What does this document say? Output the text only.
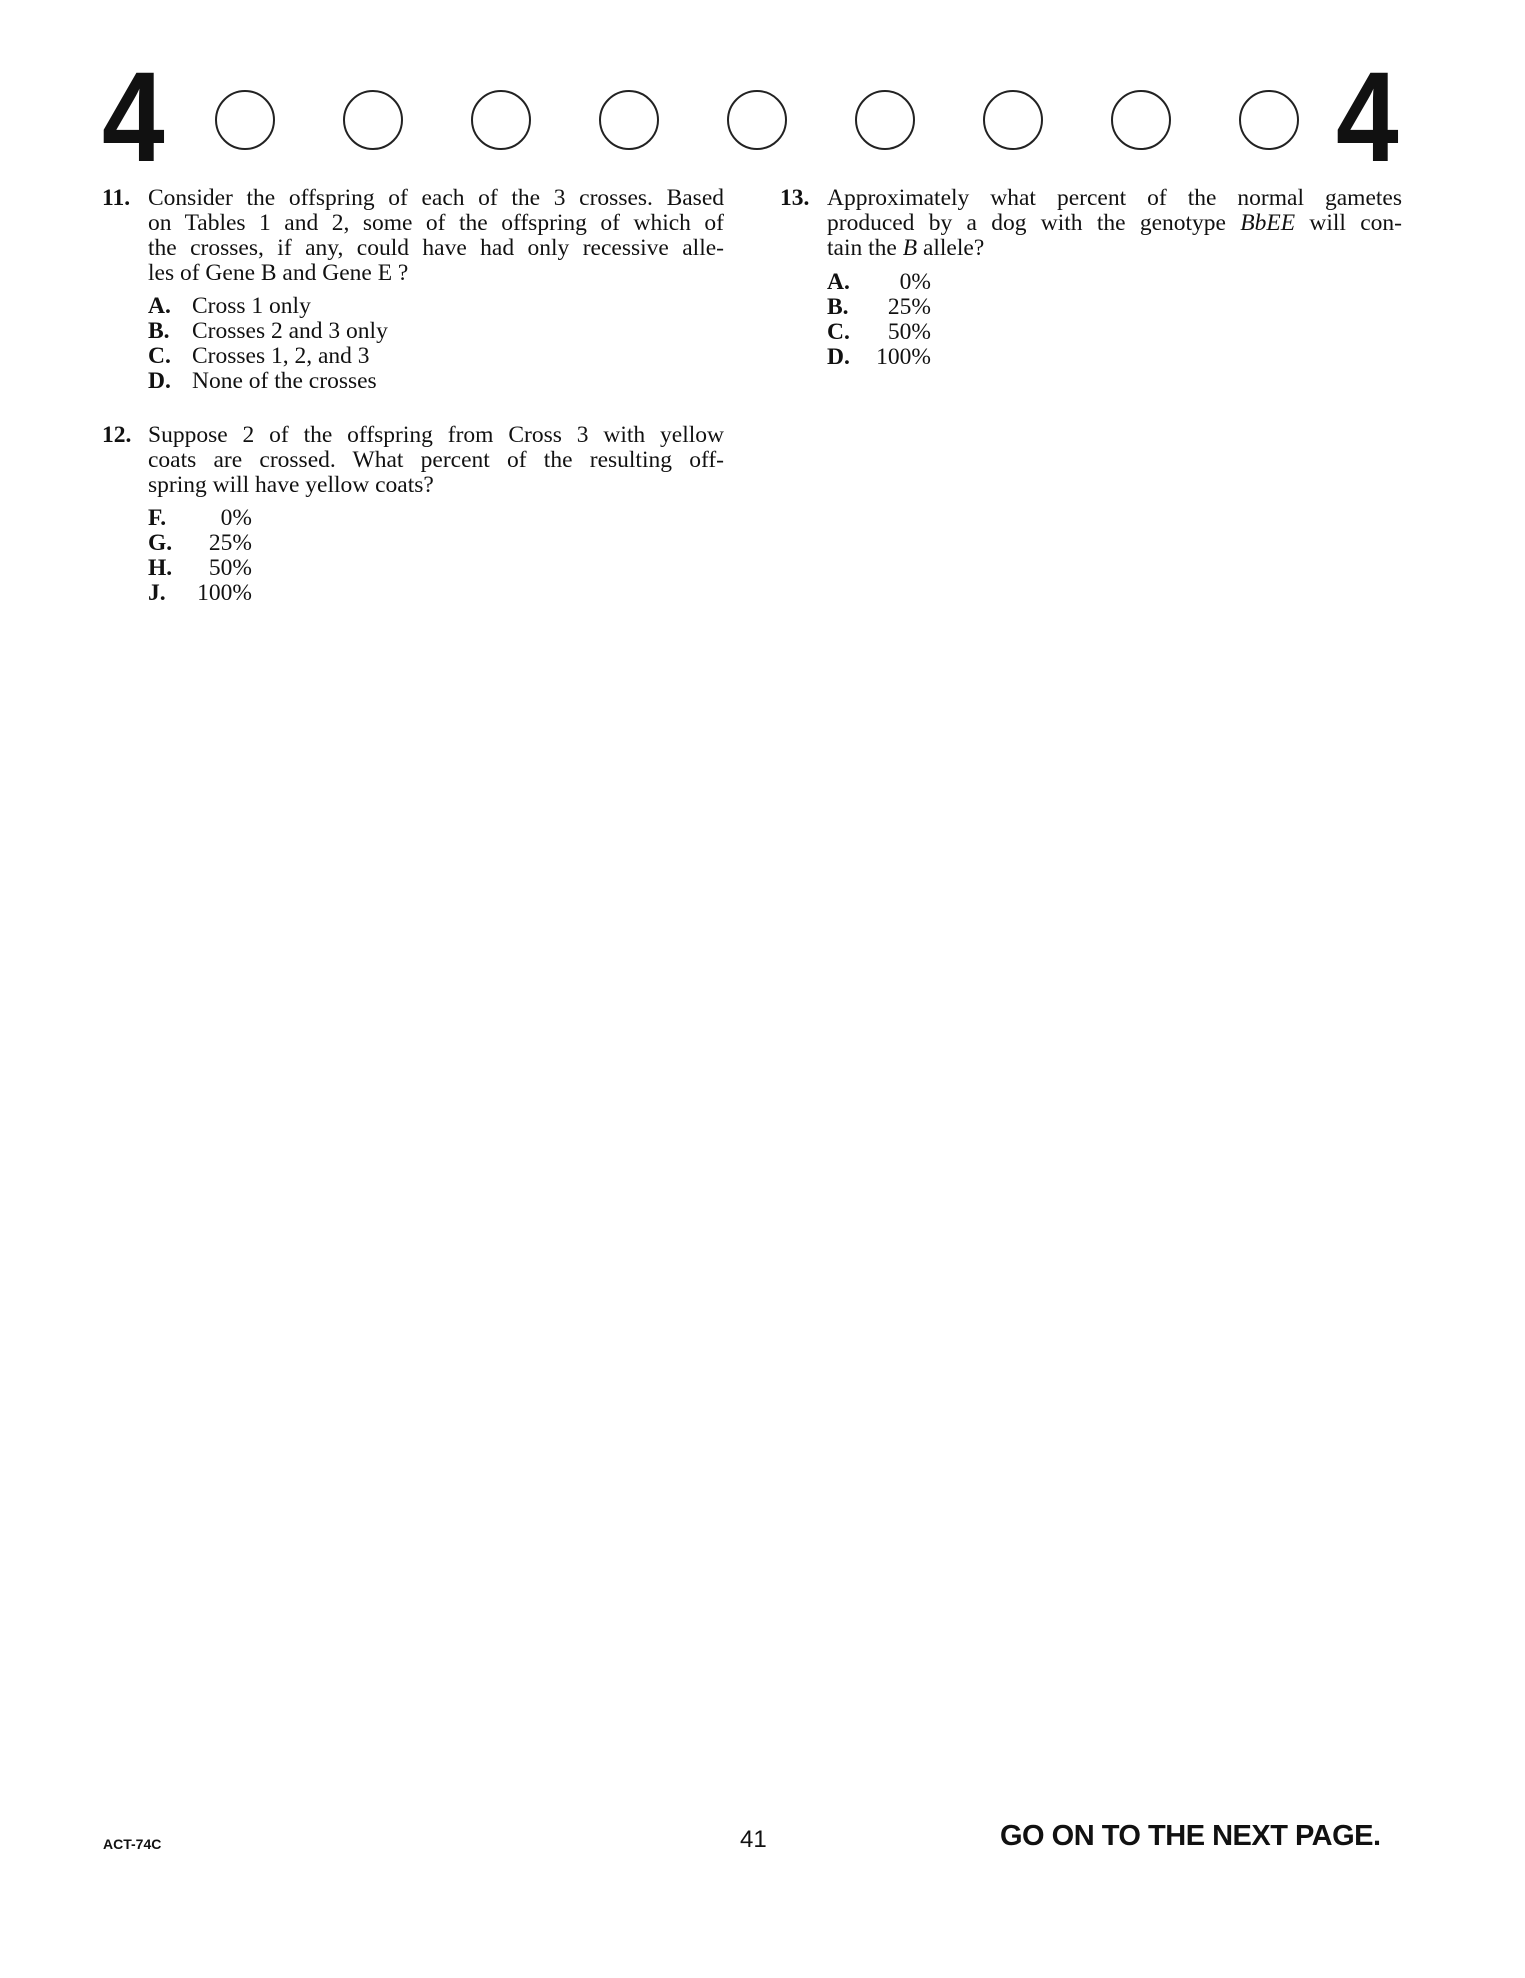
4	4
11. Consider the offspring of each of the 3 crosses. Based
on Tables 1 and 2, some of the offspring of which of
the crosses, if any, could have had only recessive alle-
les of Gene B and Gene E ?
A. Cross 1 only
B. Crosses 2 and 3 only
C. Crosses 1, 2, and 3
D. None of the crosses
12. Suppose 2 of the offspring from Cross 3 with yellow
coats are crossed. What percent of the resulting off-
spring will have yellow coats?
F.	0%
G.	25%
H.	50%
J.	100%
13. Approximately what percent of the normal gametes
produced by a dog with the genotype BbEE will con-
tain the B allele?
A.	0%
B.	25%
C.	50%
D.	100%
ACT-74C	41	GO ON TO THE NEXT PAGE.
